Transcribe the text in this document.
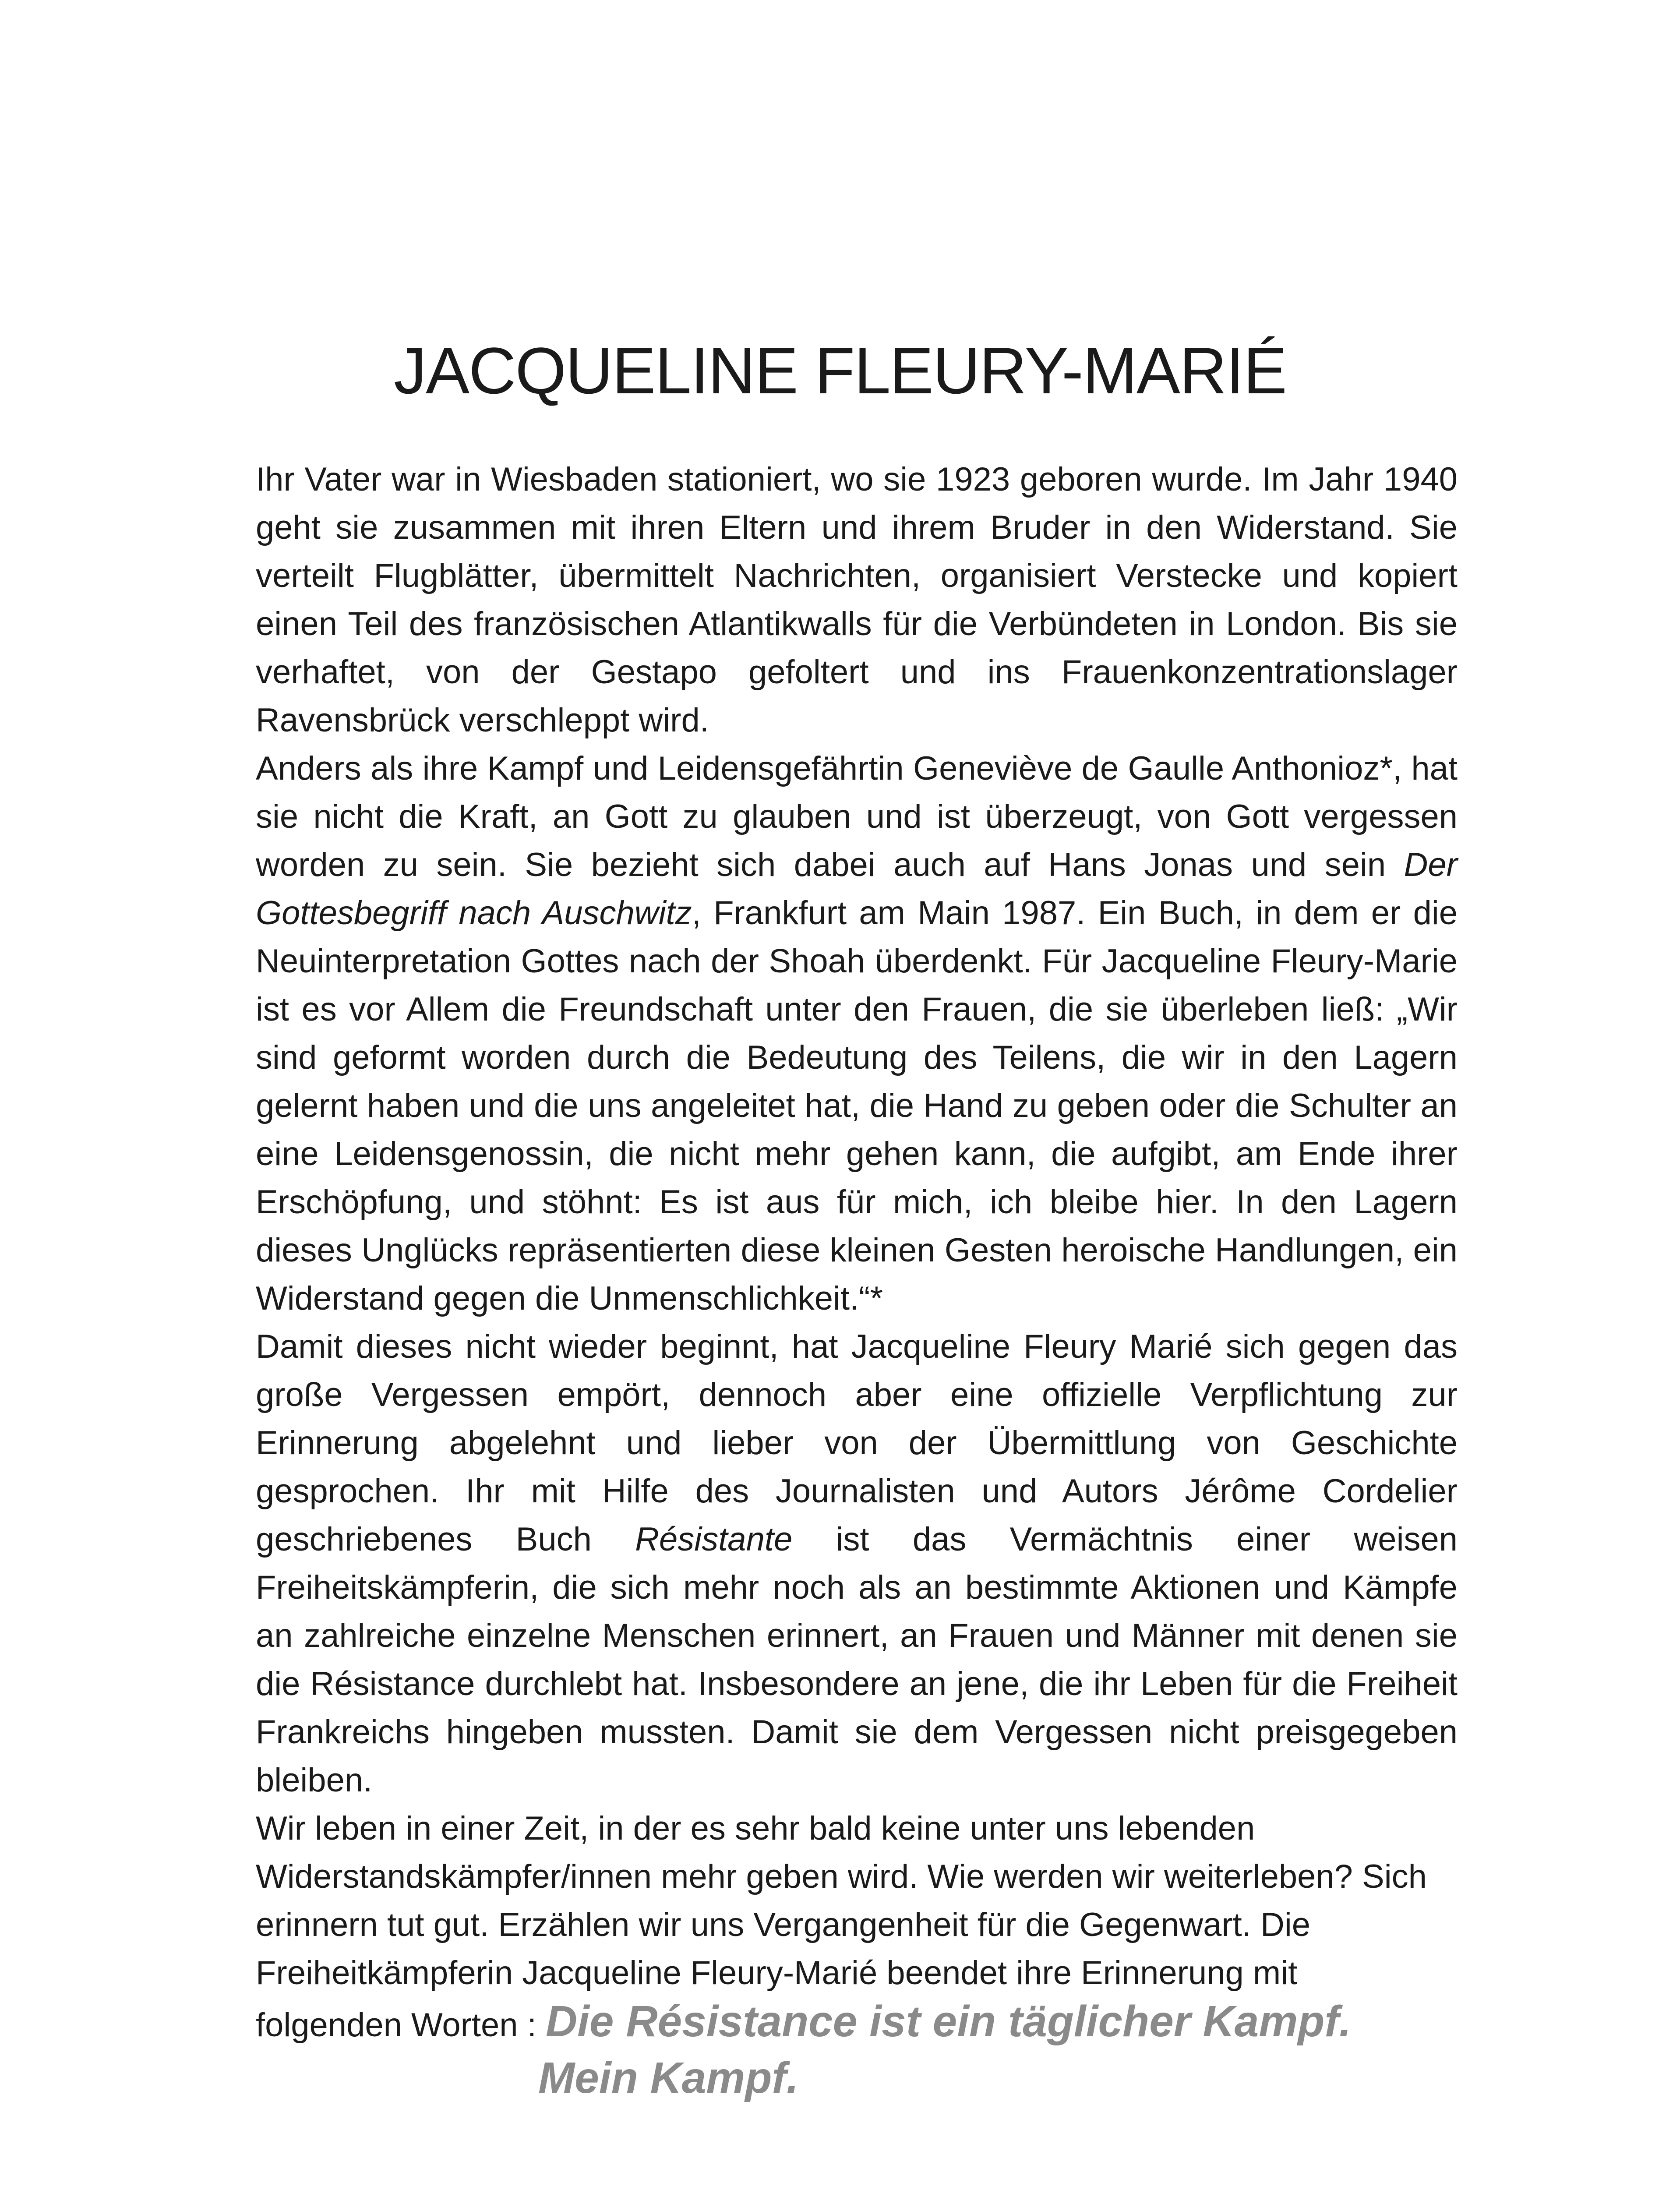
JACQUELINE FLEURY-MARIÉ

Ihr Vater war in Wiesbaden stationiert, wo sie 1923 geboren wurde. Im Jahr 1940 geht sie zusammen mit ihren Eltern und ihrem Bruder in den Widerstand. Sie verteilt Flugblätter, übermittelt Nachrichten, organisiert Verstecke und kopiert einen Teil des französischen Atlantikwalls für die Verbündeten in London. Bis sie verhaftet, von der Gestapo gefoltert und ins Frauenkonzentrationslager Ravensbrück verschleppt wird.

Anders als ihre Kampf und Leidensgefährtin Geneviève de Gaulle Anthonioz*, hat sie nicht die Kraft, an Gott zu glauben und ist überzeugt, von Gott vergessen worden zu sein. Sie bezieht sich dabei auch auf Hans Jonas und sein Der Gottesbegriff nach Auschwitz, Frankfurt am Main 1987. Ein Buch, in dem er die Neuinterpretation Gottes nach der Shoah überdenkt. Für Jacqueline Fleury-Marie ist es vor Allem die Freundschaft unter den Frauen, die sie überleben ließ: „Wir sind geformt worden durch die Bedeutung des Teilens, die wir in den Lagern gelernt haben und die uns angeleitet hat, die Hand zu geben oder die Schulter an eine Leidensgenossin, die nicht mehr gehen kann, die aufgibt, am Ende ihrer Erschöpfung, und stöhnt: Es ist aus für mich, ich bleibe hier. In den Lagern dieses Unglücks repräsentierten diese kleinen Gesten heroische Handlungen, ein Widerstand gegen die Unmenschlichkeit.“*

Damit dieses nicht wieder beginnt, hat Jacqueline Fleury Marié sich gegen das große Vergessen empört, dennoch aber eine offizielle Verpflichtung zur Erinnerung abgelehnt und lieber von der Übermittlung von Geschichte gesprochen. Ihr mit Hilfe des Journalisten und Autors Jérôme Cordelier geschriebenes Buch Résistante ist das Vermächtnis einer weisen Freiheitskämpferin, die sich mehr noch als an bestimmte Aktionen und Kämpfe an zahlreiche einzelne Menschen erinnert, an Frauen und Männer mit denen sie die Résistance durchlebt hat. Insbesondere an jene, die ihr Leben für die Freiheit Frankreichs hingeben mussten. Damit sie dem Vergessen nicht preisgegeben bleiben.

Wir leben in einer Zeit, in der es sehr bald keine unter uns lebenden Widerstandskämpfer/innen mehr geben wird. Wie werden wir weiterleben? Sich erinnern tut gut. Erzählen wir uns Vergangenheit für die Gegenwart. Die Freiheitkämpferin Jacqueline Fleury-Marié beendet ihre Erinnerung mit

folgenden Worten : Die Résistance ist ein täglicher Kampf.
Mein Kampf.
